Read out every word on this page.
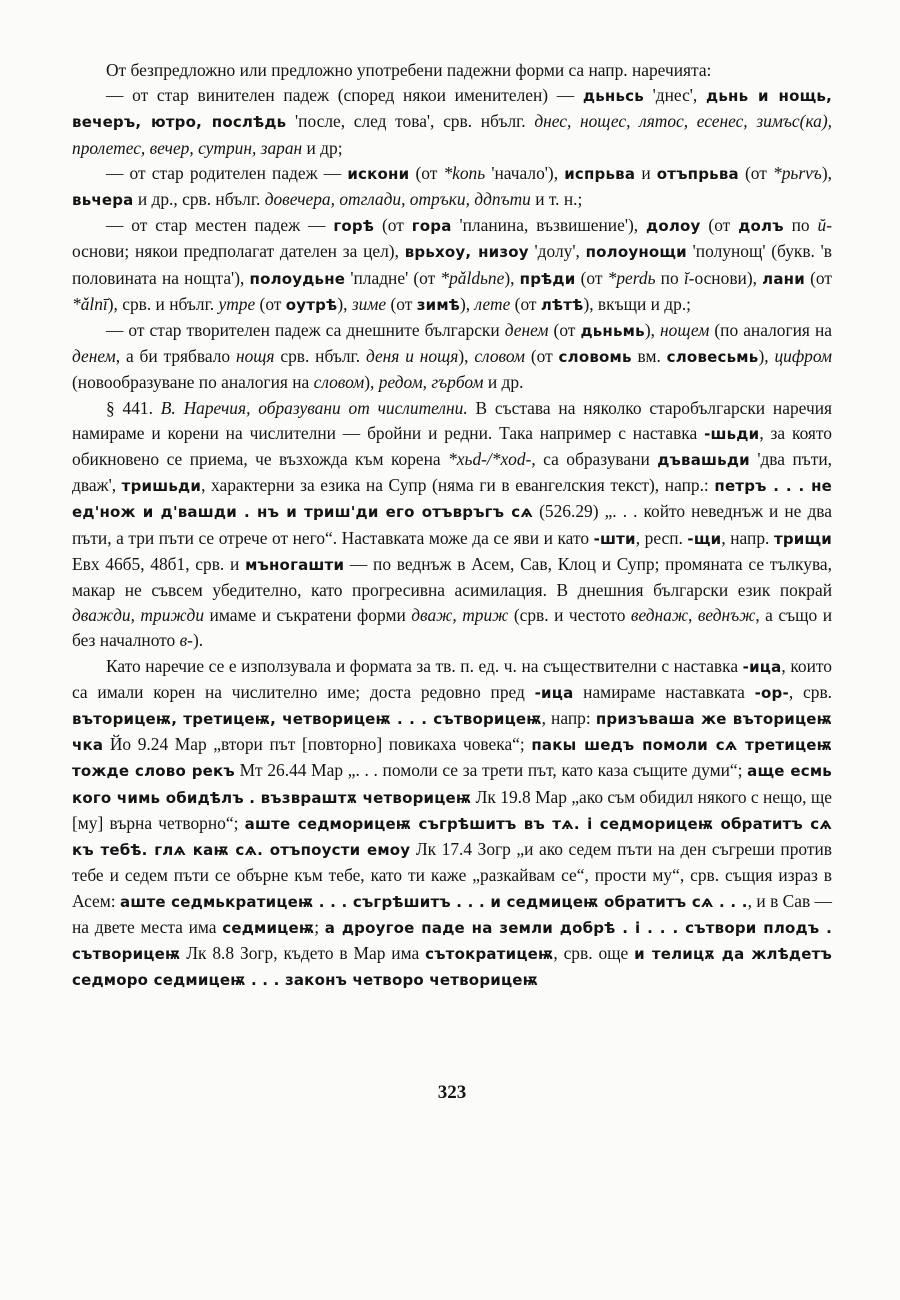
От безпредложно или предложно употребени падежни форми са напр. наречията:

— от стар винителен падеж (според някои именителен) — дьньсь 'днес', дьнь и нощь, вечеръ, ютро, послѣдь 'после, след това', срв. нбълг. днес, нощес, лятос, есенес, зимъс(ка), пролетес, вечер, сутрин, заран и др;

— от стар родителен падеж — искони (от *konь 'начало'), испрьва и отъпрьва (от *pьrvъ), вьчера и др., срв. нбълг. довечера, отглади, отръки, ддпъти и т. н.;

— от стар местен падеж — горѣ (от гора 'планина, възвишение'), долоу (от долъ по ŭ-основи; някои предполагат дателен за цел), врьхоу, низоу 'долу', полоунощи 'полунощ' (букв. 'в половината на нощта'), полоудьне 'пладне' (от *pǎldьne), прѣди (от *perdь по ĭ-основи), лани (от *ǎlnī), срв. и нбълг. утре (от оутрѣ), зиме (от зимѣ), лете (от лѣтѣ), вкъщи и др.;

— от стар творителен падеж са днешните български денем (от дьньмь), нощем (по аналогия на денем, а би трябвало нощя срв. нбълг. деня и нощя), словом (от словомь вм. словесьмь), цифром (новообразуване по аналогия на словом), редом, гърбом и др.

§ 441. В. Наречия, образувани от числителни. В състава на няколко старобългарски наречия намираме и корени на числителни — бройни и редни. Така например с наставка -шьди, за която обикновено се приема, че възхожда към корена *xьd-/*xod-, са образувани дъвашьди 'два пъти, дваж', тришьди, характерни за езика на Супр (няма ги в евангелския текст), напр.: петръ . . . не ед'нож и д'вашди . нъ и триш'ди его отъвръгъ сѧ (526.29) „. . . който неведнъж и не два пъти, а три пъти се отрече от него“. Наставката може да се яви и като -шти, респ. -щи, напр. трищи Евх 46б5, 48б1, срв. и мъногашти — по веднъж в Асем, Сав, Клоц и Супр; промяната се тълкува, макар не съвсем убедително, като прогресивна асимилация. В днешния български език покрай дважди, трижди имаме и съкратени форми дваж, триж (срв. и честото веднаж, веднъж, а също и без началното в-).

Като наречие се е използувала и формата за тв. п. ед. ч. на съществителни с наставка -ица, които са имали корен на числително име; доста редовно пред -ица намираме наставката -ор-, срв. въторицеѭ, третицеѭ, четворицеѭ . . . сътворицеѭ, напр: призъваша же въторицеѭ чка Йо 9.24 Мар „втори път [повторно] повикаха човека“; пакы шедъ помоли сѧ третицеѭ тожде слово рекъ Мт 26.44 Мар „. . . помоли се за трети път, като каза същите думи“; аще есмь кого чимь обидѣлъ . възвраштѫ четворицеѭ Лк 19.8 Мар „ако съм обидил някого с нещо, ще [му] върна четворно“; аште седморицеѭ съгрѣшитъ въ тѧ. і седморицеѭ обратитъ сѧ къ тебѣ. глѧ каѭ сѧ. отъпоусти емоу Лк 17.4 Зогр „и ако седем пъти на ден съгреши против тебе и седем пъти се обърне към тебе, като ти каже „разкайвам се“, прости му“, срв. същия израз в Асем: аште седмькратицеѭ . . . съгрѣшитъ . . . и седмицеѭ обратитъ сѧ . . ., и в Сав — на двете места има седмицеѭ; а дроугое паде на земли добрѣ . і . . . сътвори плодъ . сътворицеѭ Лк 8.8 Зогр, където в Мар има сътократицеѭ, срв. още и телицѫ да жлѣдетъ седморо седмицеѭ . . . законъ четворо четворицеѭ

323
